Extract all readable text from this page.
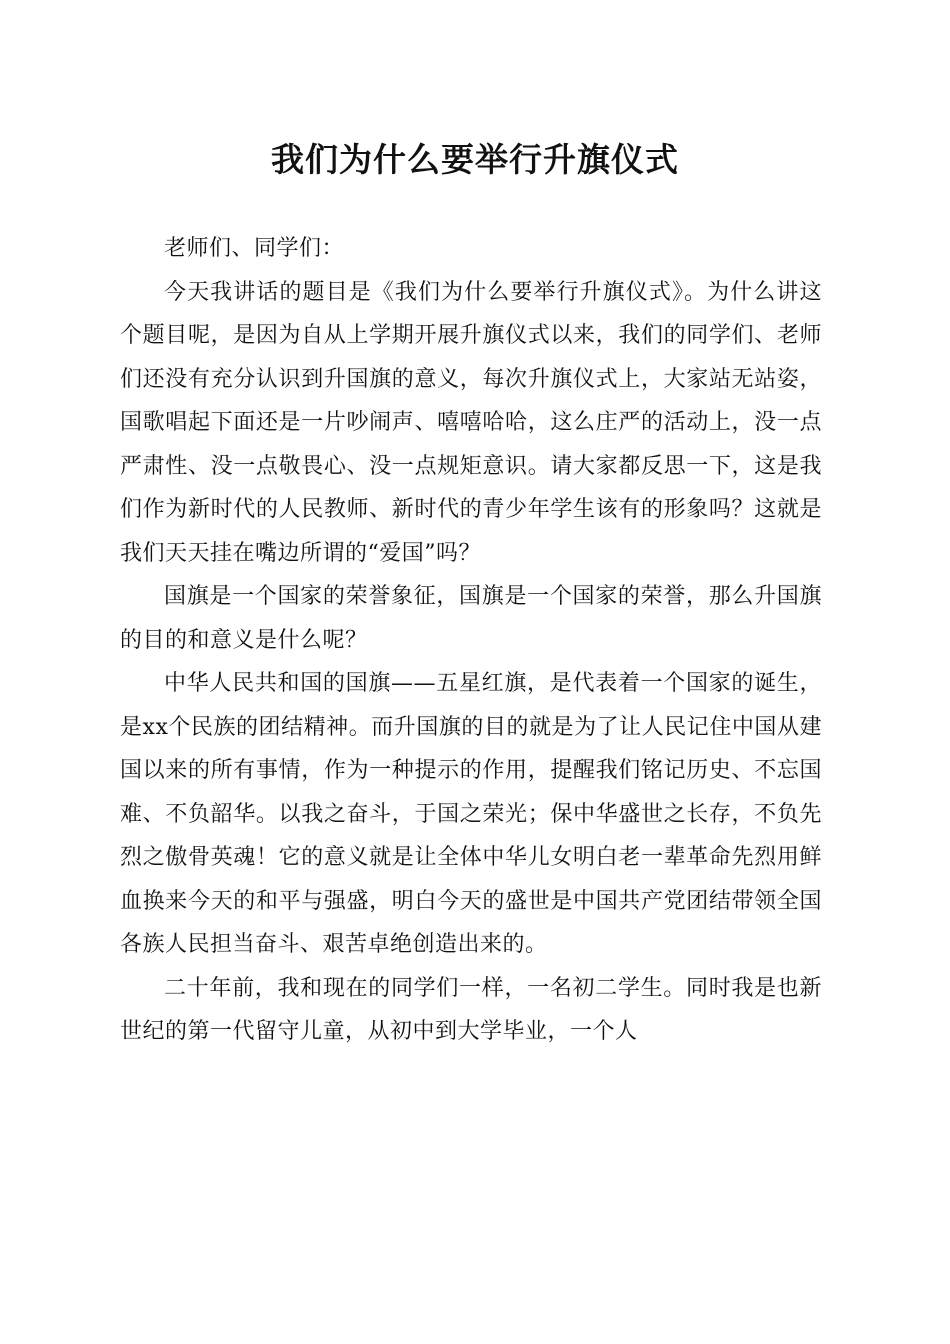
我们为什么要举行升旗仪式

老师们、同学们：

今天我讲话的题目是《我们为什么要举行升旗仪式》。为什么讲这个题目呢，是因为自从上学期开展升旗仪式以来，我们的同学们、老师们还没有充分认识到升国旗的意义，每次升旗仪式上，大家站无站姿，国歌唱起下面还是一片吵闹声、嘻嘻哈哈，这么庄严的活动上，没一点严肃性、没一点敬畏心、没一点规矩意识。请大家都反思一下，这是我们作为新时代的人民教师、新时代的青少年学生该有的形象吗？这就是我们天天挂在嘴边所谓的“爱国”吗？

国旗是一个国家的荣誉象征，国旗是一个国家的荣誉，那么升国旗的目的和意义是什么呢？

中华人民共和国的国旗——五星红旗，是代表着一个国家的诞生，是xx个民族的团结精神。而升国旗的目的就是为了让人民记住中国从建国以来的所有事情，作为一种提示的作用，提醒我们铭记历史、不忘国难、不负韶华。以我之奋斗，于国之荣光；保中华盛世之长存，不负先烈之傲骨英魂！它的意义就是让全体中华儿女明白老一辈革命先烈用鲜血换来今天的和平与强盛，明白今天的盛世是中国共产党团结带领全国各族人民担当奋斗、艰苦卓绝创造出来的。

二十年前，我和现在的同学们一样，一名初二学生。同时我是也新世纪的第一代留守儿童，从初中到大学毕业，一个人
